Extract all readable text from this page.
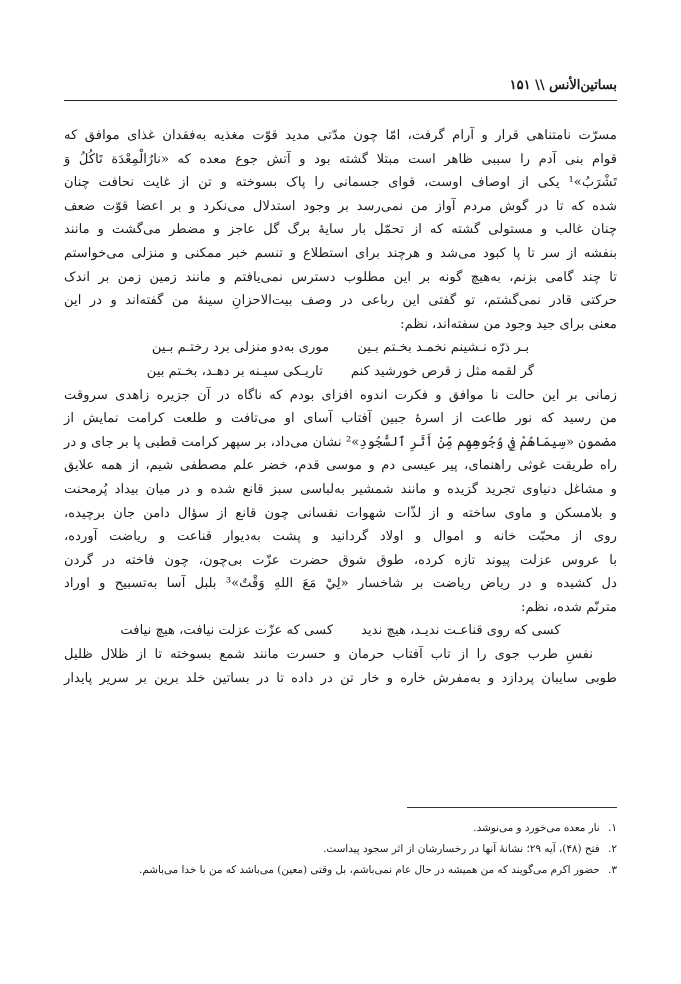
بساتین‌الأنس \\ ۱۵۱

مسرّت نامتناهی قرار و آرام گرفت، امّا چون مدّتی مدید قوّت مغذیه به‌فقدان غذای موافق که

قوام بنی آدم را سببی ظاهر است مبتلا گشته بود و آتش جوع معده که «نارُالْمِعْدَة تَاكُلُ وَ

تَشْرَبُ»¹ یکی از اوصاف اوست، قوای جسمانی را پاک بسوخته و تن از غایت نحافت چنان

شده که تا در گوش مردم آواز من نمی‌رسد بر وجود استدلال می‌نکرد و بر اعضا قوّت ضعف

چنان غالب و مستولی گشته که از تحمّل بار سایهٔ برگ گل عاجز و مضطر می‌گشت و مانند

بنفشه از سر تا پا کبود می‌شد و هرچند برای استطلاع و تنسم خبر ممکنی و منزلی می‌خواستم

تا چند گامی بزنم، به‌هیچ گونه بر این مطلوب دسترس نمی‌یافتم و مانند زمین زمن بر اندک

حرکتی قادر نمی‌گشتم، تو گفتی این رباعی در وصف بیت‌الاحزانِ سینهٔ من گفته‌اند و در این

معنی برای جید وجود من سفته‌اند، نظم:

بـر ذرّه نـشینم نخمـد بخـتم بـین
موری به‌دو منزلی برد رختـم بـین
گر لقمه مثل ز قرص خورشید کنم
تاریـکی سیـنه بر دهـد، بخـتم بین

زمانی بر این حالت نا موافق و فکرت اندوه افزای بودم که ناگاه در آن جزیره زاهدی سروقت

من رسید که نور طاعت از اسرهٔ جبین آفتاب آسای او می‌تافت و طلعت کرامت نمایش از

مضمون «سِيمَاهُمْ فِي وُجُوهِهِم مِّنْ أَثَرِ ٱلسُّجُودِ»² نشان می‌داد، بر سپهر کرامت قطبی پا بر جای و در

راه طریقت غوثی راهنمای، پیر عیسی دم و موسی قدم، خضر علم مصطفی شیم، از همه علایق

و مشاغل دنیاوی تجرید گزیده و مانند شمشیر به‌لباسی سبز قانع شده و در میان بیداد پُرمحنت

و بلامسکن و ماوی ساخته و از لذّات شهوات نفسانی چون قانع از سؤال دامن جان برچیده،

روی از محبّت خانه و اموال و اولاد گردانید و پشت به‌دیوار قناعت و ریاضت آورده،

با عروس عزلت پیوند تازه کرده، طوق شوق حضرت عزّت بی‌چون، چون فاخته در گردن

دل کشیده و در ریاض ریاضت بر شاخسار «لِيْ مَعَ اللهِ وَقْتٌ»³ بلبل آسا به‌تسبیح و اوراد

مترنّم شده، نظم:

کسی که روی قناعـت ندیـد، هیچ ندید
کسی که عزّت عزلت نیافت، هیچ نیافت

نفسِ طرب جوی را از تاب آفتاب حرمان و حسرت مانند شمع بسوخته تا از ظلال ظلیل

طوبی سایبان پردازد و به‌مفرش خاره و خار تن در داده تا در بساتین خلد برین بر سریر پایدار

۱. نار معده می‌خورد و می‌نوشد.
۲. فتح (۴۸)، آیه ۲۹؛ نشانهٔ آنها در رخسارشان از اثر سجود پیداست.
۳. حضور اکرم می‌گویند که من همیشه در حال عام نمی‌باشم، بل وقتی (معین) می‌باشد که من با خدا می‌باشم.
